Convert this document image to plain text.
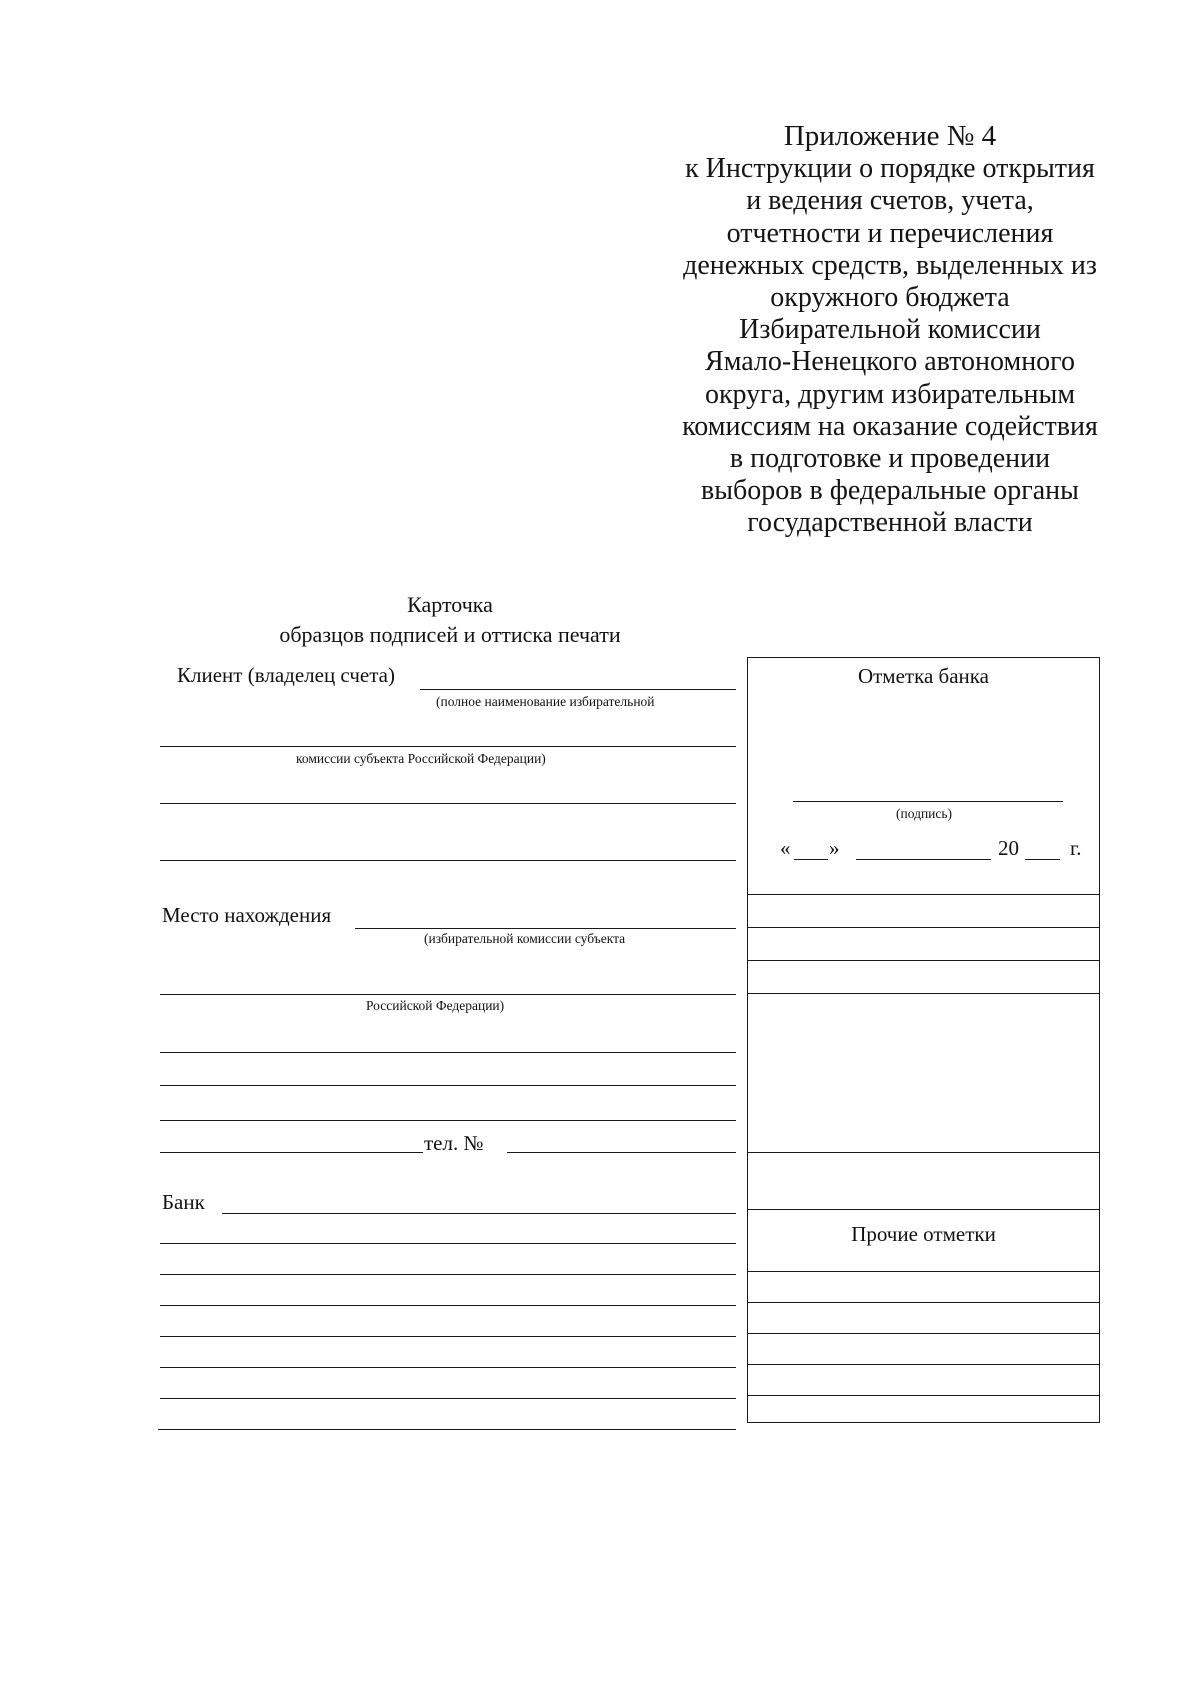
Приложение № 4
к Инструкции о порядке открытия
и ведения счетов, учета,
отчетности и перечисления
денежных средств, выделенных из
окружного бюджета
Избирательной комиссии
Ямало-Ненецкого автономного
округа, другим избирательным
комиссиям на оказание содействия
в подготовке и проведении
выборов в федеральные органы
государственной власти
Карточка
образцов подписей и оттиска печати
Клиент (владелец счета)
(полное наименование избирательной
комиссии субъекта Российской Федерации)
Место нахождения
(избирательной комиссии субъекта
Российской Федерации)
тел. №
Банк
Отметка банка
(подпись)
« »	20 г.
Прочие отметки
